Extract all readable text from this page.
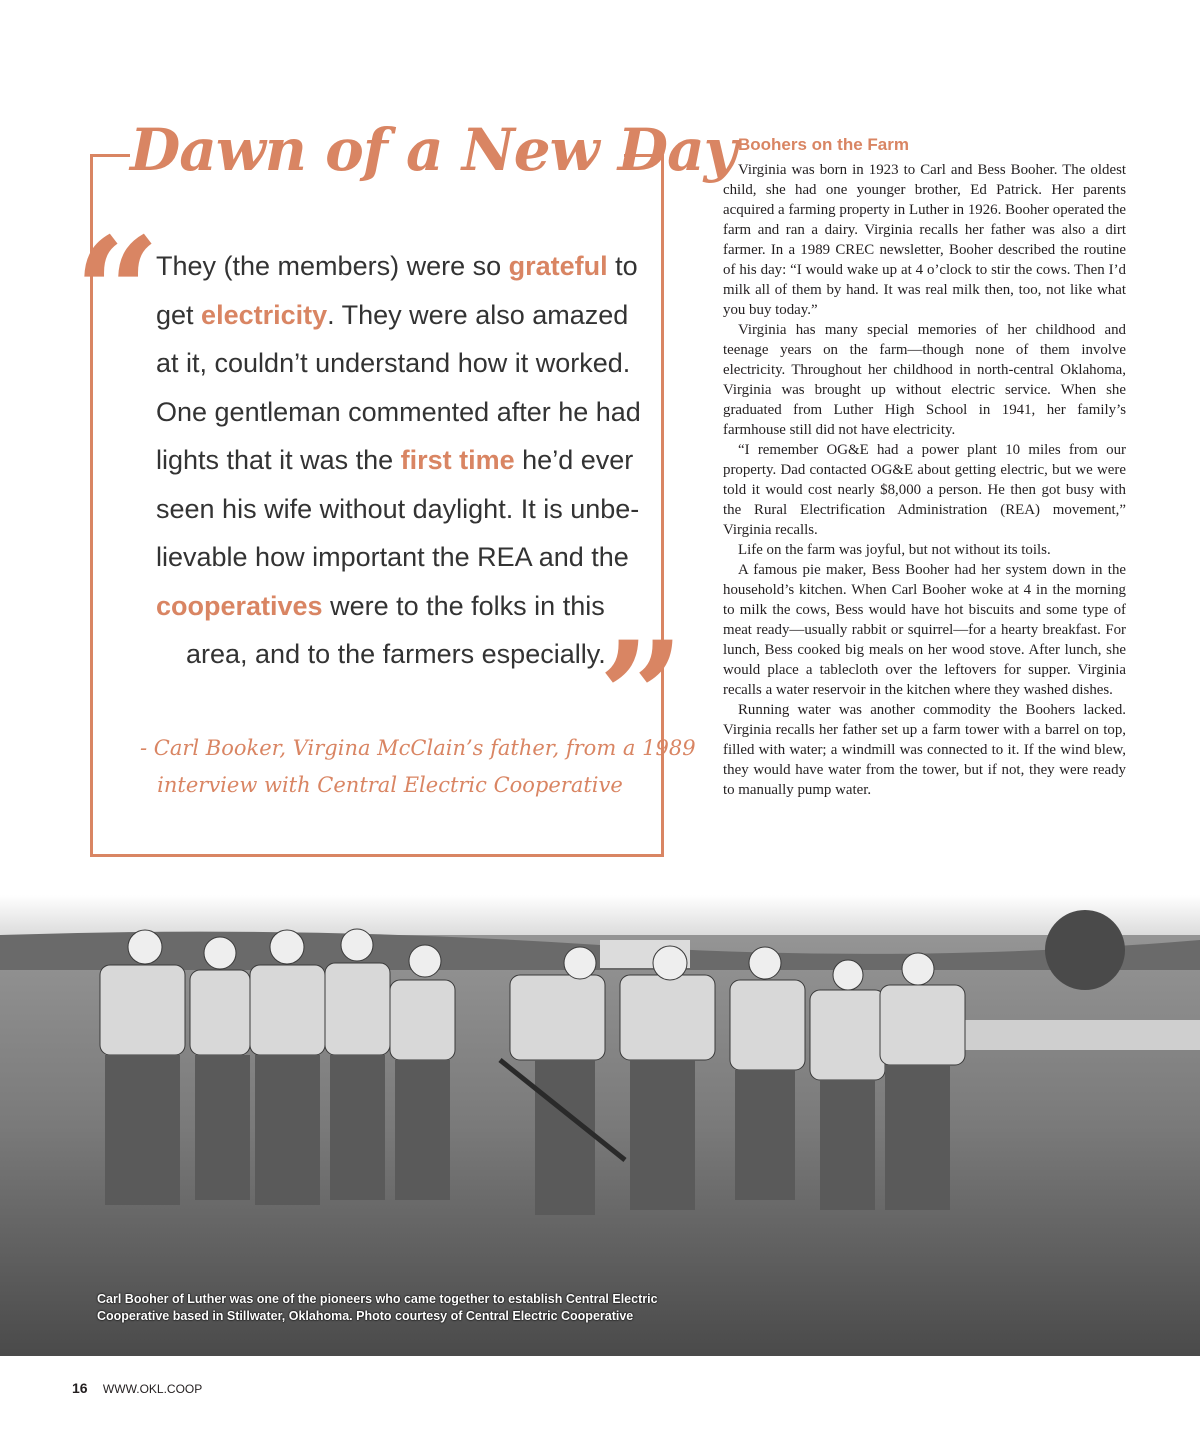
Dawn of a New Day
“
They (the members) were so grateful to
get electricity. They were also amazed
at it, couldn’t understand how it worked.
One gentleman commented after he had
lights that it was the first time he’d ever
seen his wife without daylight. It is unbe-
lievable how important the REA and the
cooperatives were to the folks in this
area, and to the farmers especially.
”
- Carl Booker, Virgina McClain’s father, from a 1989
interview with Central Electric Cooperative
Boohers on the Farm

Virginia was born in 1923 to Carl and Bess Booher. The oldest child, she had one younger brother, Ed Patrick. Her parents acquired a farming property in Luther in 1926. Booher operated the farm and ran a dairy. Virginia recalls her father was also a dirt farmer. In a 1989 CREC newsletter, Booher described the routine of his day: “I would wake up at 4 o’clock to stir the cows. Then I’d milk all of them by hand. It was real milk then, too, not like what you buy today.”

Virginia has many special memories of her childhood and teenage years on the farm—though none of them involve electricity. Throughout her childhood in north-central Oklahoma, Virginia was brought up without electric service. When she graduated from Luther High School in 1941, her family’s farmhouse still did not have electricity.

“I remember OG&E had a power plant 10 miles from our property. Dad contacted OG&E about getting electric, but we were told it would cost nearly $8,000 a person. He then got busy with the Rural Electrification Administration (REA) movement,” Virginia recalls.

Life on the farm was joyful, but not without its toils.

A famous pie maker, Bess Booher had her system down in the household’s kitchen. When Carl Booher woke at 4 in the morning to milk the cows, Bess would have hot biscuits and some type of meat ready—usually rabbit or squirrel—for a hearty breakfast. For lunch, Bess cooked big meals on her wood stove. After lunch, she would place a tablecloth over the leftovers for supper. Virginia recalls a water reservoir in the kitchen where they washed dishes.

Running water was another commodity the Boohers lacked. Virginia recalls her father set up a farm tower with a barrel on top, filled with water; a windmill was connected to it. If the wind blew, they would have water from the tower, but if not, they were ready to manually pump water.

Carl Booher of Luther was one of the pioneers who came together to establish Central Electric
Cooperative based in Stillwater, Oklahoma. Photo courtesy of Central Electric Cooperative
16 WWW.OKL.COOP
